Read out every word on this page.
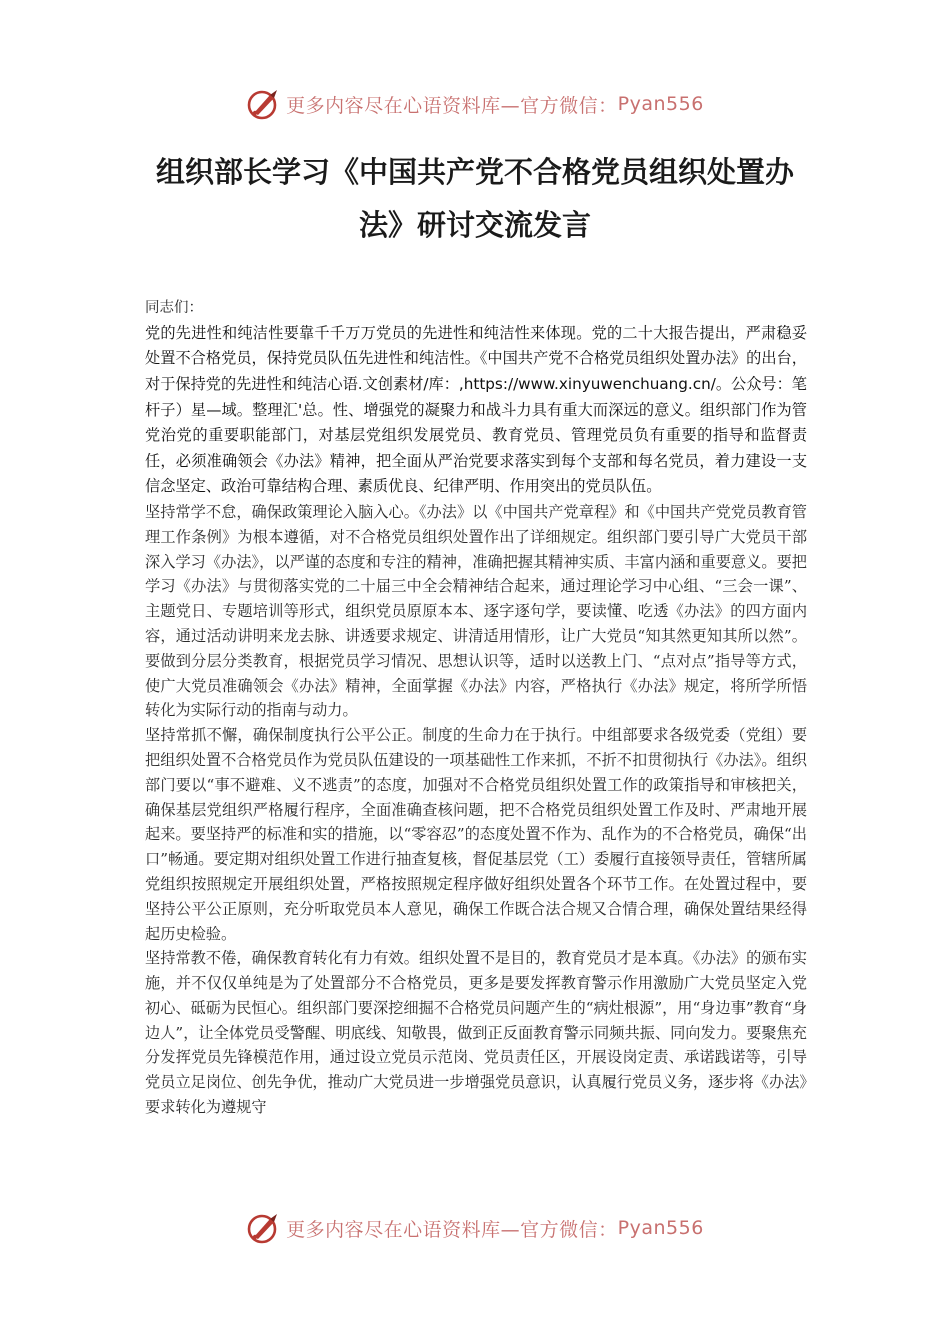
更多内容尽在心语资料库—官方微信： Pyan556
组织部长学习《中国共产党不合格党员组织处置办法》研讨交流发言

同志们：

党的先进性和纯洁性要靠千千万万党员的先进性和纯洁性来体现。党的二十大报告提出，严肃稳妥处置不合格党员，保持党员队伍先进性和纯洁性。《中国共产党不合格党员组织处置办法》的出台，对于保持党的先进性和纯洁心语.文创素材/库：,https://www.xinyuwenchuang.cn/。公众号：笔杆子）星—域。整理汇'总。性、增强党的凝聚力和战斗力具有重大而深远的意义。组织部门作为管党治党的重要职能部门，对基层党组织发展党员、教育党员、管理党员负有重要的指导和监督责任，必须准确领会《办法》精神，把全面从严治党要求落实到每个支部和每名党员，着力建设一支信念坚定、政治可靠结构合理、素质优良、纪律严明、作用突出的党员队伍。

坚持常学不怠，确保政策理论入脑入心。《办法》以《中国共产党章程》和《中国共产党党员教育管理工作条例》为根本遵循，对不合格党员组织处置作出了详细规定。组织部门要引导广大党员干部深入学习《办法》，以严谨的态度和专注的精神，准确把握其精神实质、丰富内涵和重要意义。要把学习《办法》与贯彻落实党的二十届三中全会精神结合起来，通过理论学习中心组、“三会一课”、主题党日、专题培训等形式，组织党员原原本本、逐字逐句学，要读懂、吃透《办法》的四方面内容，通过活动讲明来龙去脉、讲透要求规定、讲清适用情形，让广大党员“知其然更知其所以然”。要做到分层分类教育，根据党员学习情况、思想认识等，适时以送教上门、“点对点”指导等方式，使广大党员准确领会《办法》精神，全面掌握《办法》内容，严格执行《办法》规定，将所学所悟转化为实际行动的指南与动力。

坚持常抓不懈，确保制度执行公平公正。制度的生命力在于执行。中组部要求各级党委（党组）要把组织处置不合格党员作为党员队伍建设的一项基础性工作来抓，不折不扣贯彻执行《办法》。组织部门要以“事不避难、义不逃责”的态度，加强对不合格党员组织处置工作的政策指导和审核把关，确保基层党组织严格履行程序，全面准确查核问题，把不合格党员组织处置工作及时、严肃地开展起来。要坚持严的标准和实的措施，以“零容忍”的态度处置不作为、乱作为的不合格党员，确保“出口”畅通。要定期对组织处置工作进行抽查复核，督促基层党（工）委履行直接领导责任，管辖所属党组织按照规定开展组织处置，严格按照规定程序做好组织处置各个环节工作。在处置过程中，要坚持公平公正原则，充分听取党员本人意见，确保工作既合法合规又合情合理，确保处置结果经得起历史检验。

坚持常教不倦，确保教育转化有力有效。组织处置不是目的，教育党员才是本真。《办法》的颁布实施，并不仅仅单纯是为了处置部分不合格党员，更多是要发挥教育警示作用激励广大党员坚定入党初心、砥砺为民恒心。组织部门要深挖细掘不合格党员问题产生的“病灶根源”，用“身边事”教育“身边人”，让全体党员受警醒、明底线、知敬畏，做到正反面教育警示同频共振、同向发力。要聚焦充分发挥党员先锋模范作用，通过设立党员示范岗、党员责任区，开展设岗定责、承诺践诺等，引导党员立足岗位、创先争优，推动广大党员进一步增强党员意识，认真履行党员义务，逐步将《办法》要求转化为遵规守

更多内容尽在心语资料库—官方微信： Pyan556
